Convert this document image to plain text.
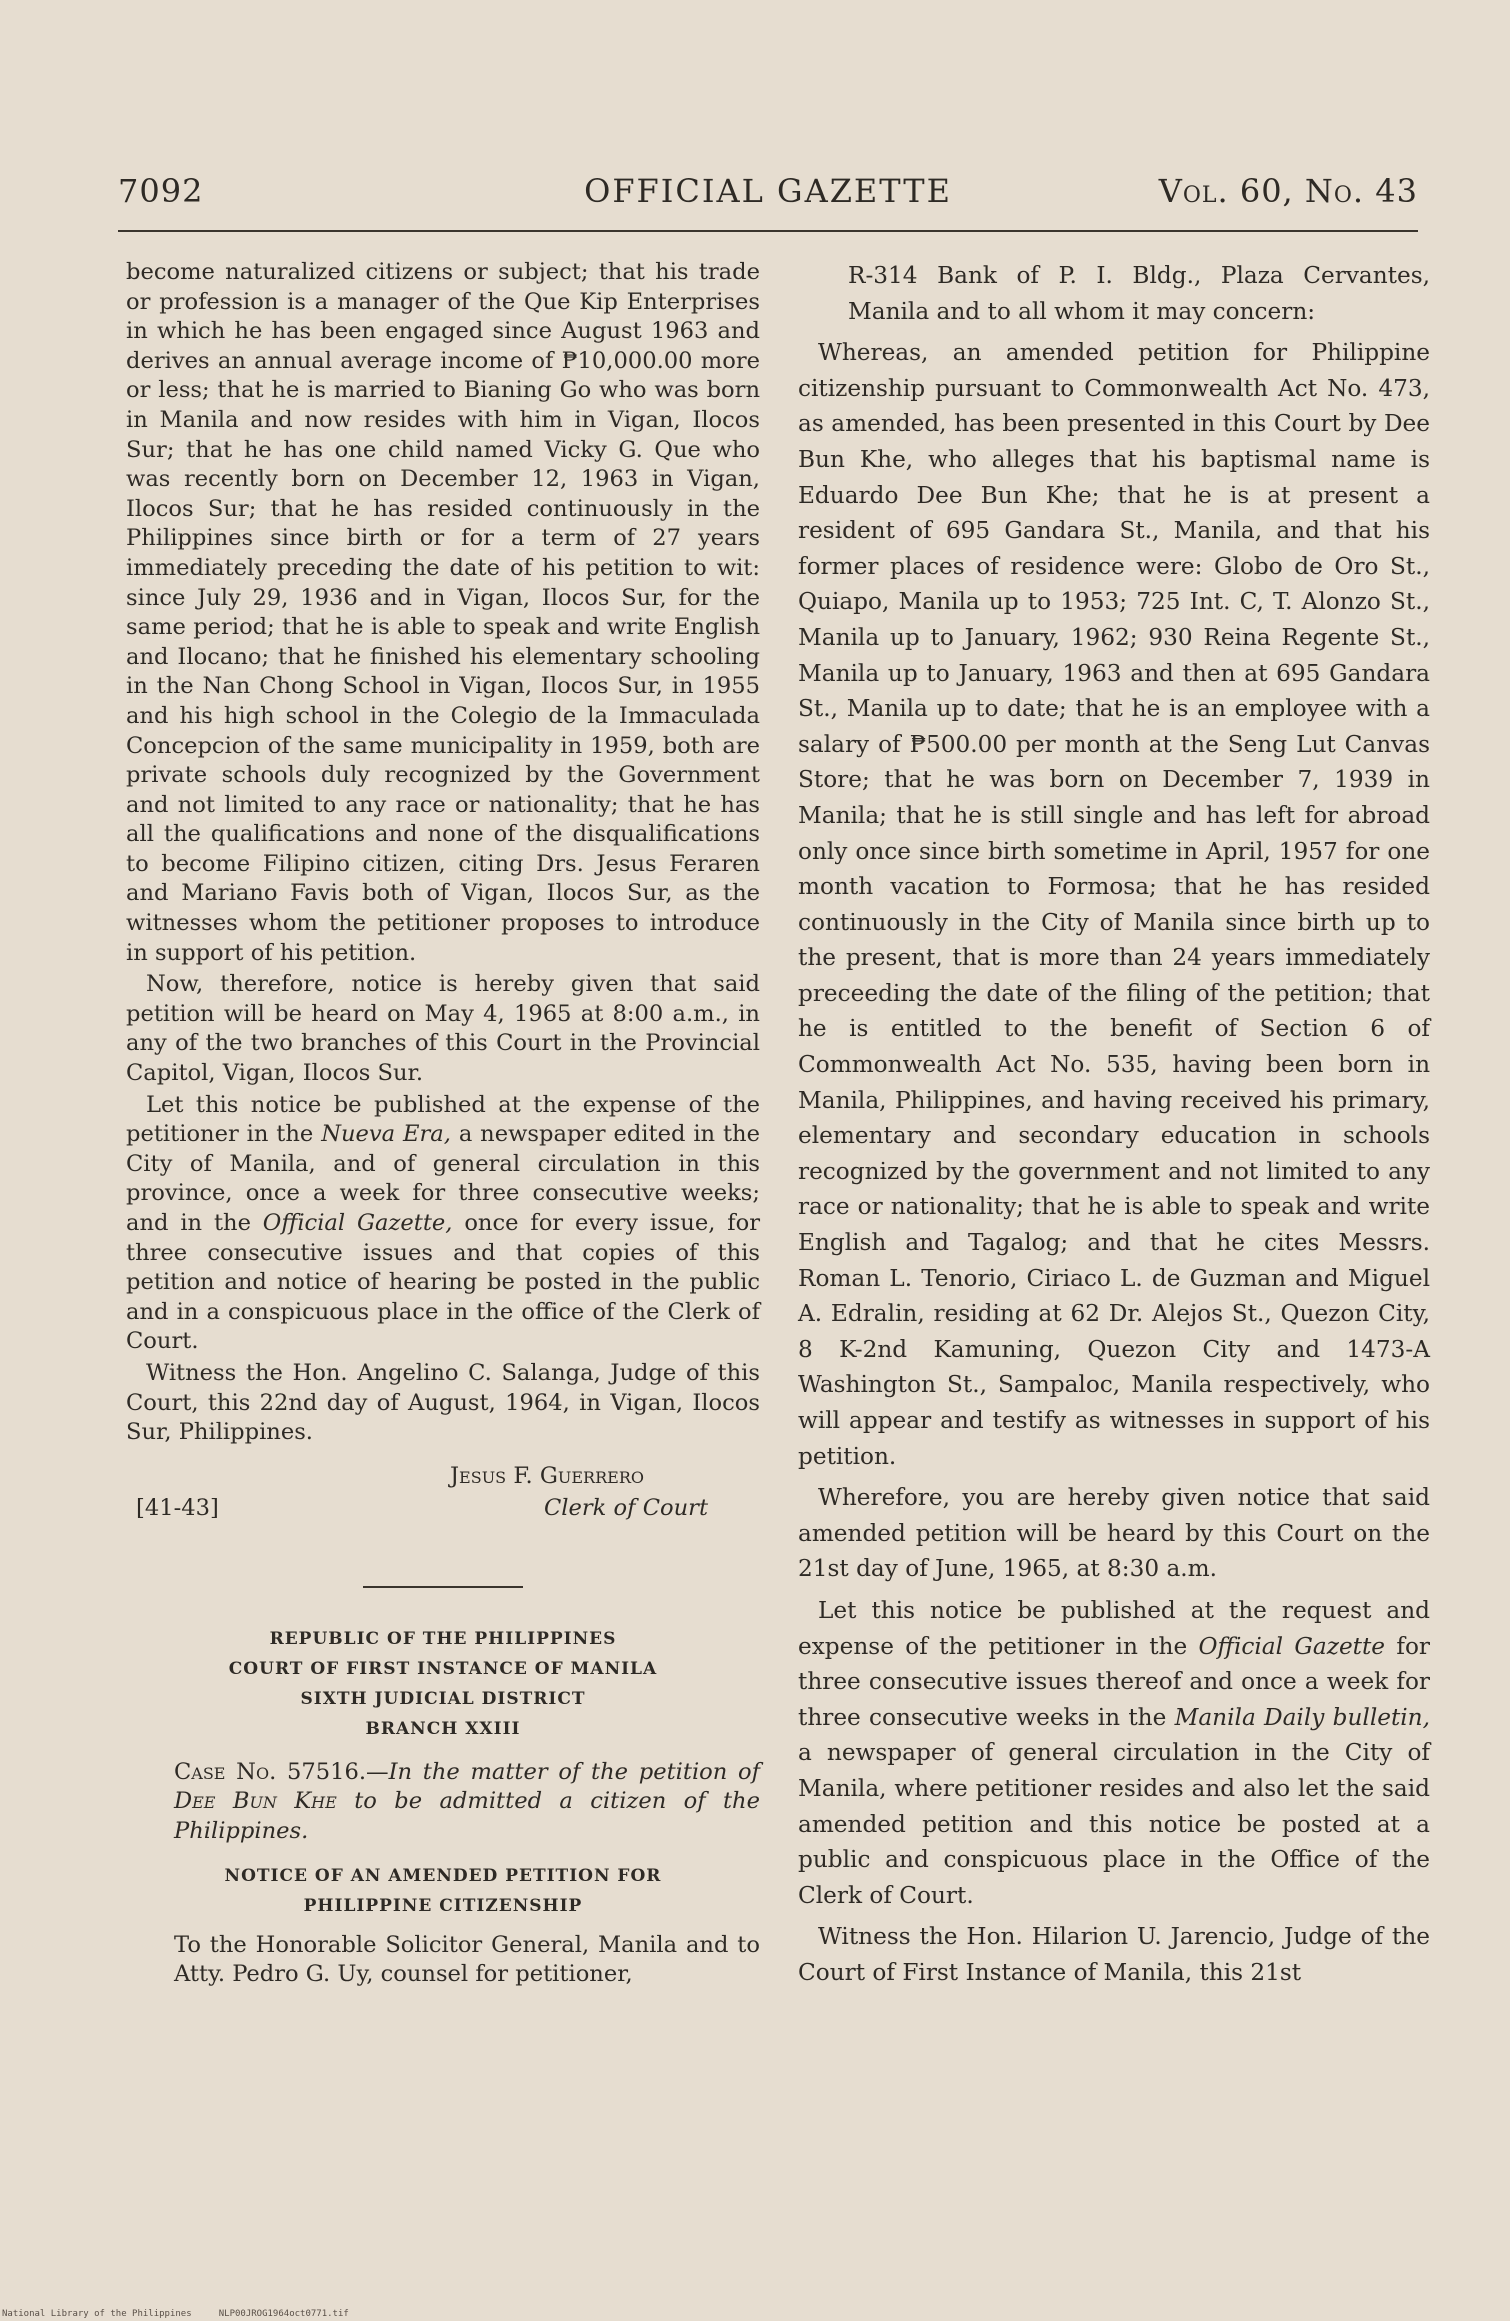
OFFICIAL GAZETTE
7092	Vol. 60, No. 43

become naturalized citizens or subject; that his trade or profession is a manager of the Que Kip Enterprises in which he has been engaged since August 1963 and derives an annual average income of ₱10,000.00 more or less; that he is married to Bianing Go who was born in Manila and now resides with him in Vigan, Ilocos Sur; that he has one child named Vicky G. Que who was recently born on December 12, 1963 in Vigan, Ilocos Sur; that he has resided continuously in the Philippines since birth or for a term of 27 years immediately preceding the date of his petition to wit: since July 29, 1936 and in Vigan, Ilocos Sur, for the same period; that he is able to speak and write English and Ilocano; that he finished his elementary schooling in the Nan Chong School in Vigan, Ilocos Sur, in 1955 and his high school in the Colegio de la Immaculada Concepcion of the same municipality in 1959, both are private schools duly recognized by the Government and not limited to any race or nationality; that he has all the qualifications and none of the disqualifications to become Filipino citizen, citing Drs. Jesus Feraren and Mariano Favis both of Vigan, Ilocos Sur, as the witnesses whom the petitioner proposes to introduce in support of his petition.

Now, therefore, notice is hereby given that said petition will be heard on May 4, 1965 at 8:00 a.m., in any of the two branches of this Court in the Provincial Capitol, Vigan, Ilocos Sur.

Let this notice be published at the expense of the petitioner in the Nueva Era, a newspaper edited in the City of Manila, and of general circulation in this province, once a week for three consecutive weeks; and in the Official Gazette, once for every issue, for three consecutive issues and that copies of this petition and notice of hearing be posted in the public and in a conspicuous place in the office of the Clerk of Court.

Witness the Hon. Angelino C. Salanga, Judge of this Court, this 22nd day of August, 1964, in Vigan, Ilocos Sur, Philippines.

Jesus F. Guerrero
[41-43]	Clerk of Court
REPUBLIC OF THE PHILIPPINES
COURT OF FIRST INSTANCE OF MANILA
SIXTH JUDICIAL DISTRICT
BRANCH XXIII

Case No. 57516.—In the matter of the petition of Dee Bun Khe to be admitted a citizen of the Philippines.

NOTICE OF AN AMENDED PETITION FOR
PHILIPPINE CITIZENSHIP

To the Honorable Solicitor General, Manila and to Atty. Pedro G. Uy, counsel for petitioner,

R-314 Bank of P. I. Bldg., Plaza Cervantes, Manila and to all whom it may concern:

Whereas, an amended petition for Philippine citizenship pursuant to Commonwealth Act No. 473, as amended, has been presented in this Court by Dee Bun Khe, who alleges that his baptismal name is Eduardo Dee Bun Khe; that he is at present a resident of 695 Gandara St., Manila, and that his former places of residence were: Globo de Oro St., Quiapo, Manila up to 1953; 725 Int. C, T. Alonzo St., Manila up to January, 1962; 930 Reina Regente St., Manila up to January, 1963 and then at 695 Gandara St., Manila up to date; that he is an employee with a salary of ₱500.00 per month at the Seng Lut Canvas Store; that he was born on December 7, 1939 in Manila; that he is still single and has left for abroad only once since birth sometime in April, 1957 for one month vacation to Formosa; that he has resided continuously in the City of Manila since birth up to the present, that is more than 24 years immediately preceeding the date of the filing of the petition; that he is entitled to the benefit of Section 6 of Commonwealth Act No. 535, having been born in Manila, Philippines, and having received his primary, elementary and secondary education in schools recognized by the government and not limited to any race or nationality; that he is able to speak and write English and Tagalog; and that he cites Messrs. Roman L. Tenorio, Ciriaco L. de Guzman and Miguel A. Edralin, residing at 62 Dr. Alejos St., Quezon City, 8 K-2nd Kamuning, Quezon City and 1473-A Washington St., Sampaloc, Manila respectively, who will appear and testify as witnesses in support of his petition.

Wherefore, you are hereby given notice that said amended petition will be heard by this Court on the 21st day of June, 1965, at 8:30 a.m.

Let this notice be published at the request and expense of the petitioner in the Official Gazette for three consecutive issues thereof and once a week for three consecutive weeks in the Manila Daily bulletin, a newspaper of general circulation in the City of Manila, where petitioner resides and also let the said amended petition and this notice be posted at a public and conspicuous place in the Office of the Clerk of Court.

Witness the Hon. Hilarion U. Jarencio, Judge of the Court of First Instance of Manila, this 21st

National Library of the Philippines	NLP00JROG1964oct0771.tif
